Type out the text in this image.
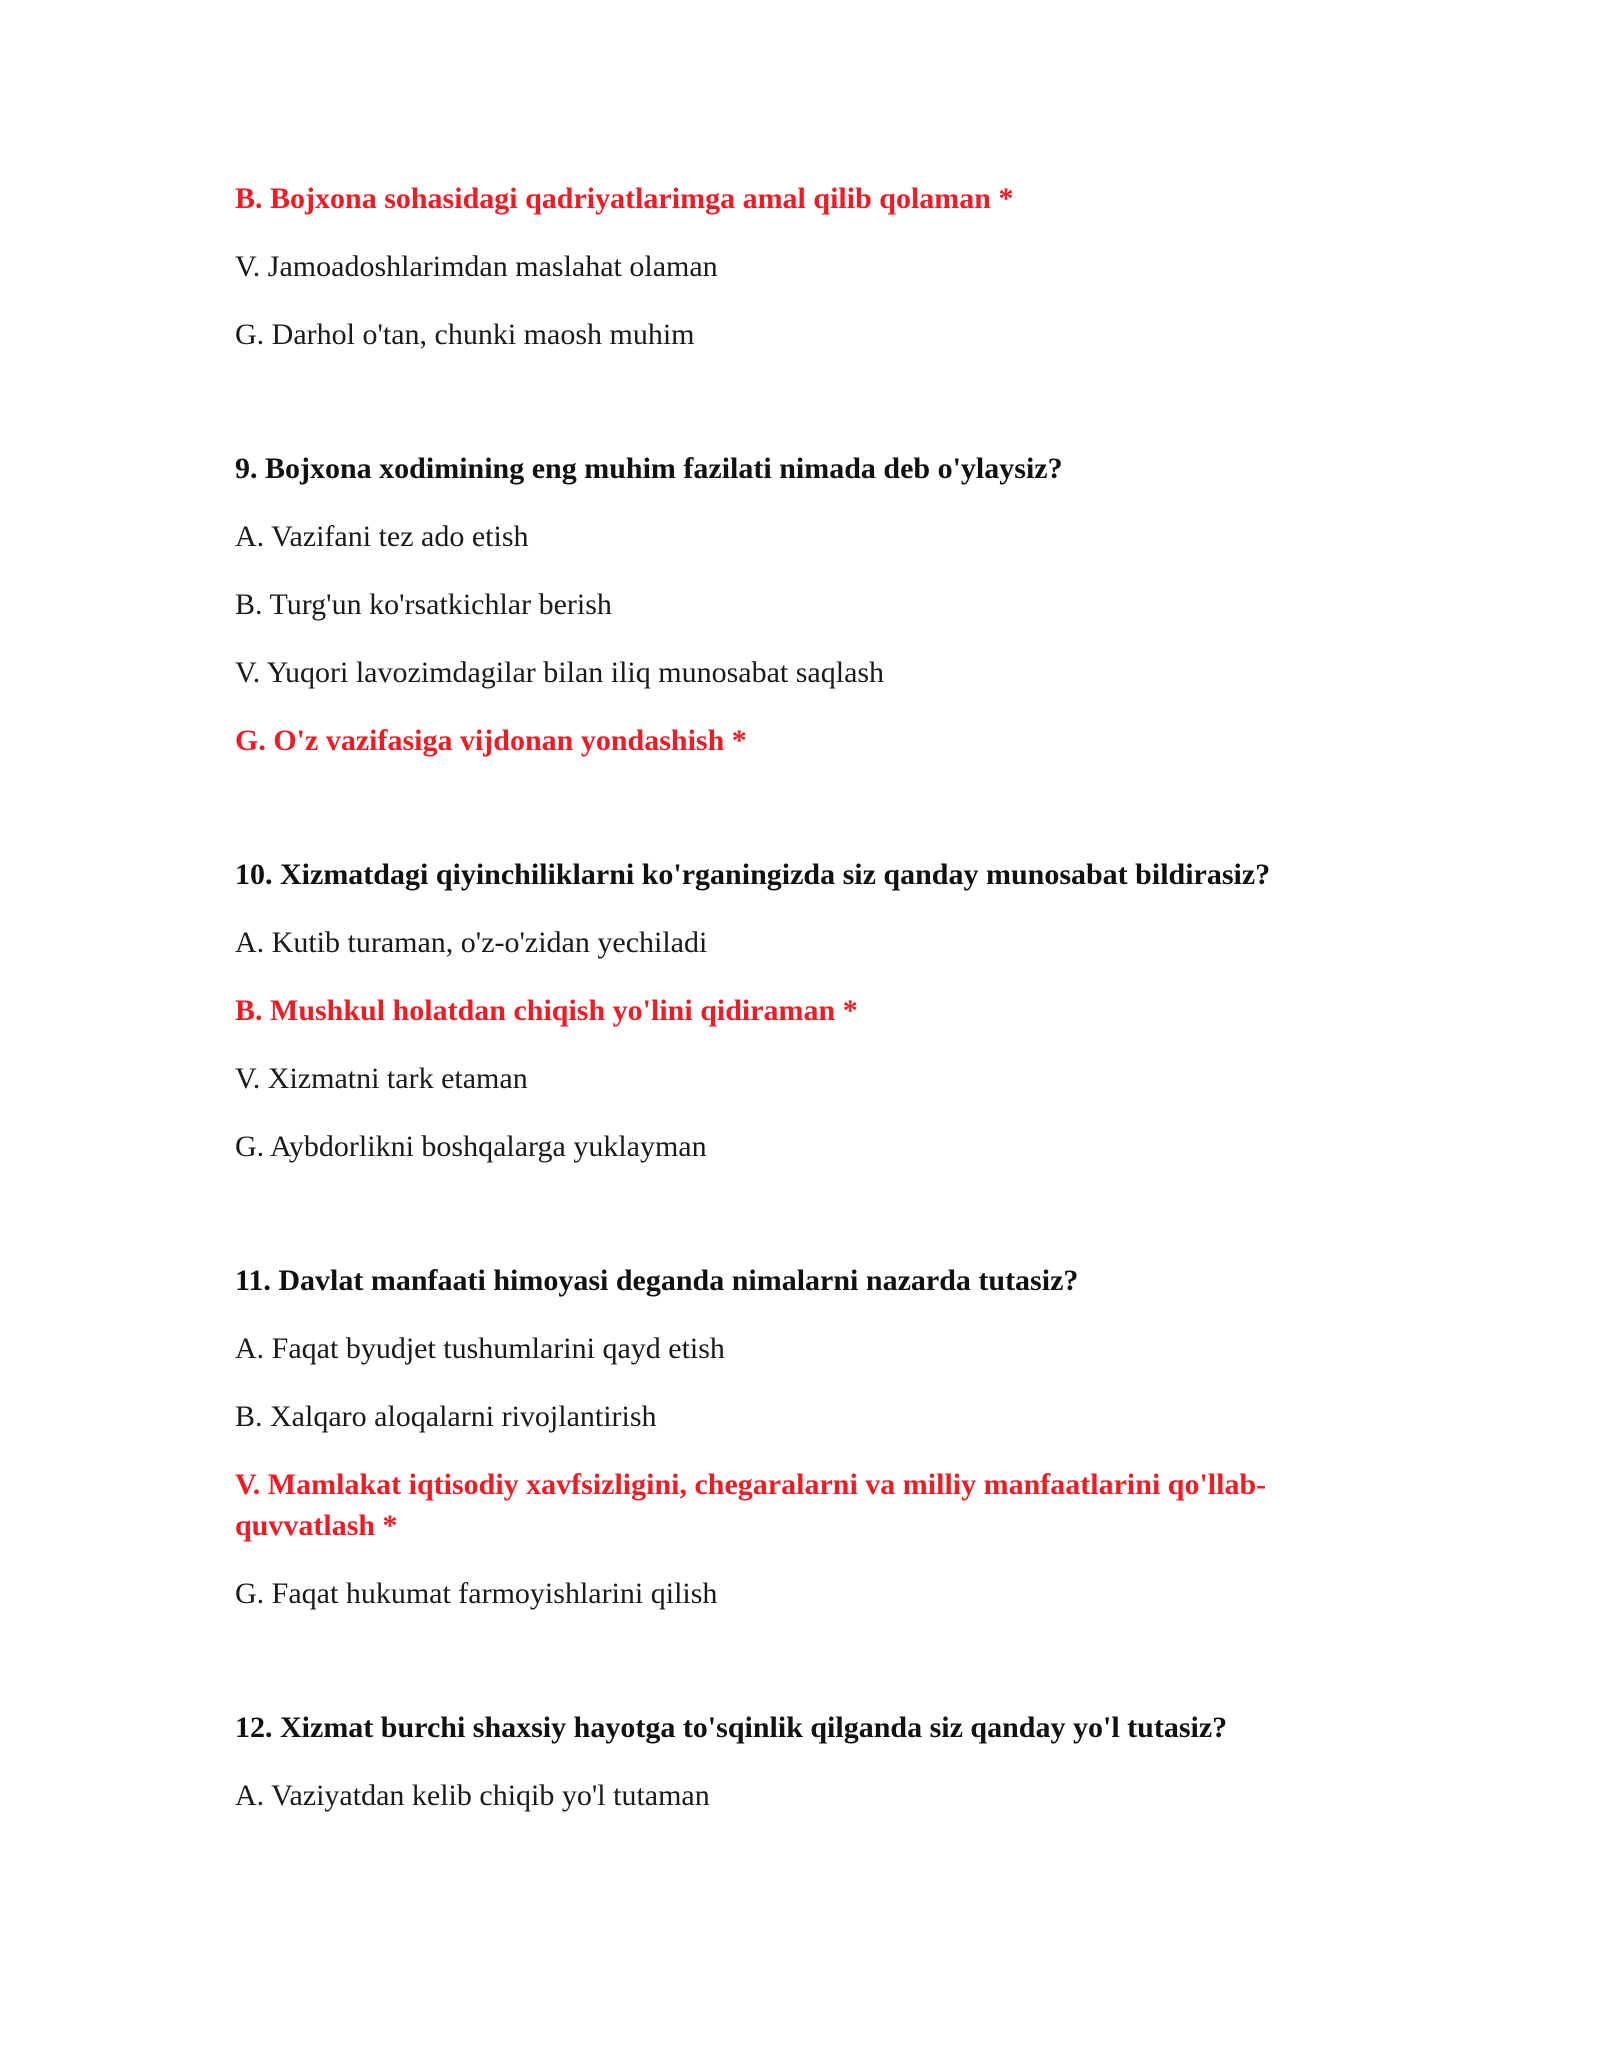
B. Bojxona sohasidagi qadriyatlarimga amal qilib qolaman *

V. Jamoadoshlarimdan maslahat olaman

G. Darhol o'tan, chunki maosh muhim

9. Bojxona xodimining eng muhim fazilati nimada deb o'ylaysiz?

A. Vazifani tez ado etish

B. Turg'un ko'rsatkichlar berish

V. Yuqori lavozimdagilar bilan iliq munosabat saqlash

G. O'z vazifasiga vijdonan yondashish *

10. Xizmatdagi qiyinchiliklarni ko'rganingizda siz qanday munosabat bildirasiz?

A. Kutib turaman, o'z-o'zidan yechiladi

B. Mushkul holatdan chiqish yo'lini qidiraman *

V. Xizmatni tark etaman

G. Aybdorlikni boshqalarga yuklayman

11. Davlat manfaati himoyasi deganda nimalarni nazarda tutasiz?

A. Faqat byudjet tushumlarini qayd etish

B. Xalqaro aloqalarni rivojlantirish

V. Mamlakat iqtisodiy xavfsizligini, chegaralarni va milliy manfaatlarini qo'llab-quvvatlash *

G. Faqat hukumat farmoyishlarini qilish

12. Xizmat burchi shaxsiy hayotga to'sqinlik qilganda siz qanday yo'l tutasiz?

A. Vaziyatdan kelib chiqib yo'l tutaman
